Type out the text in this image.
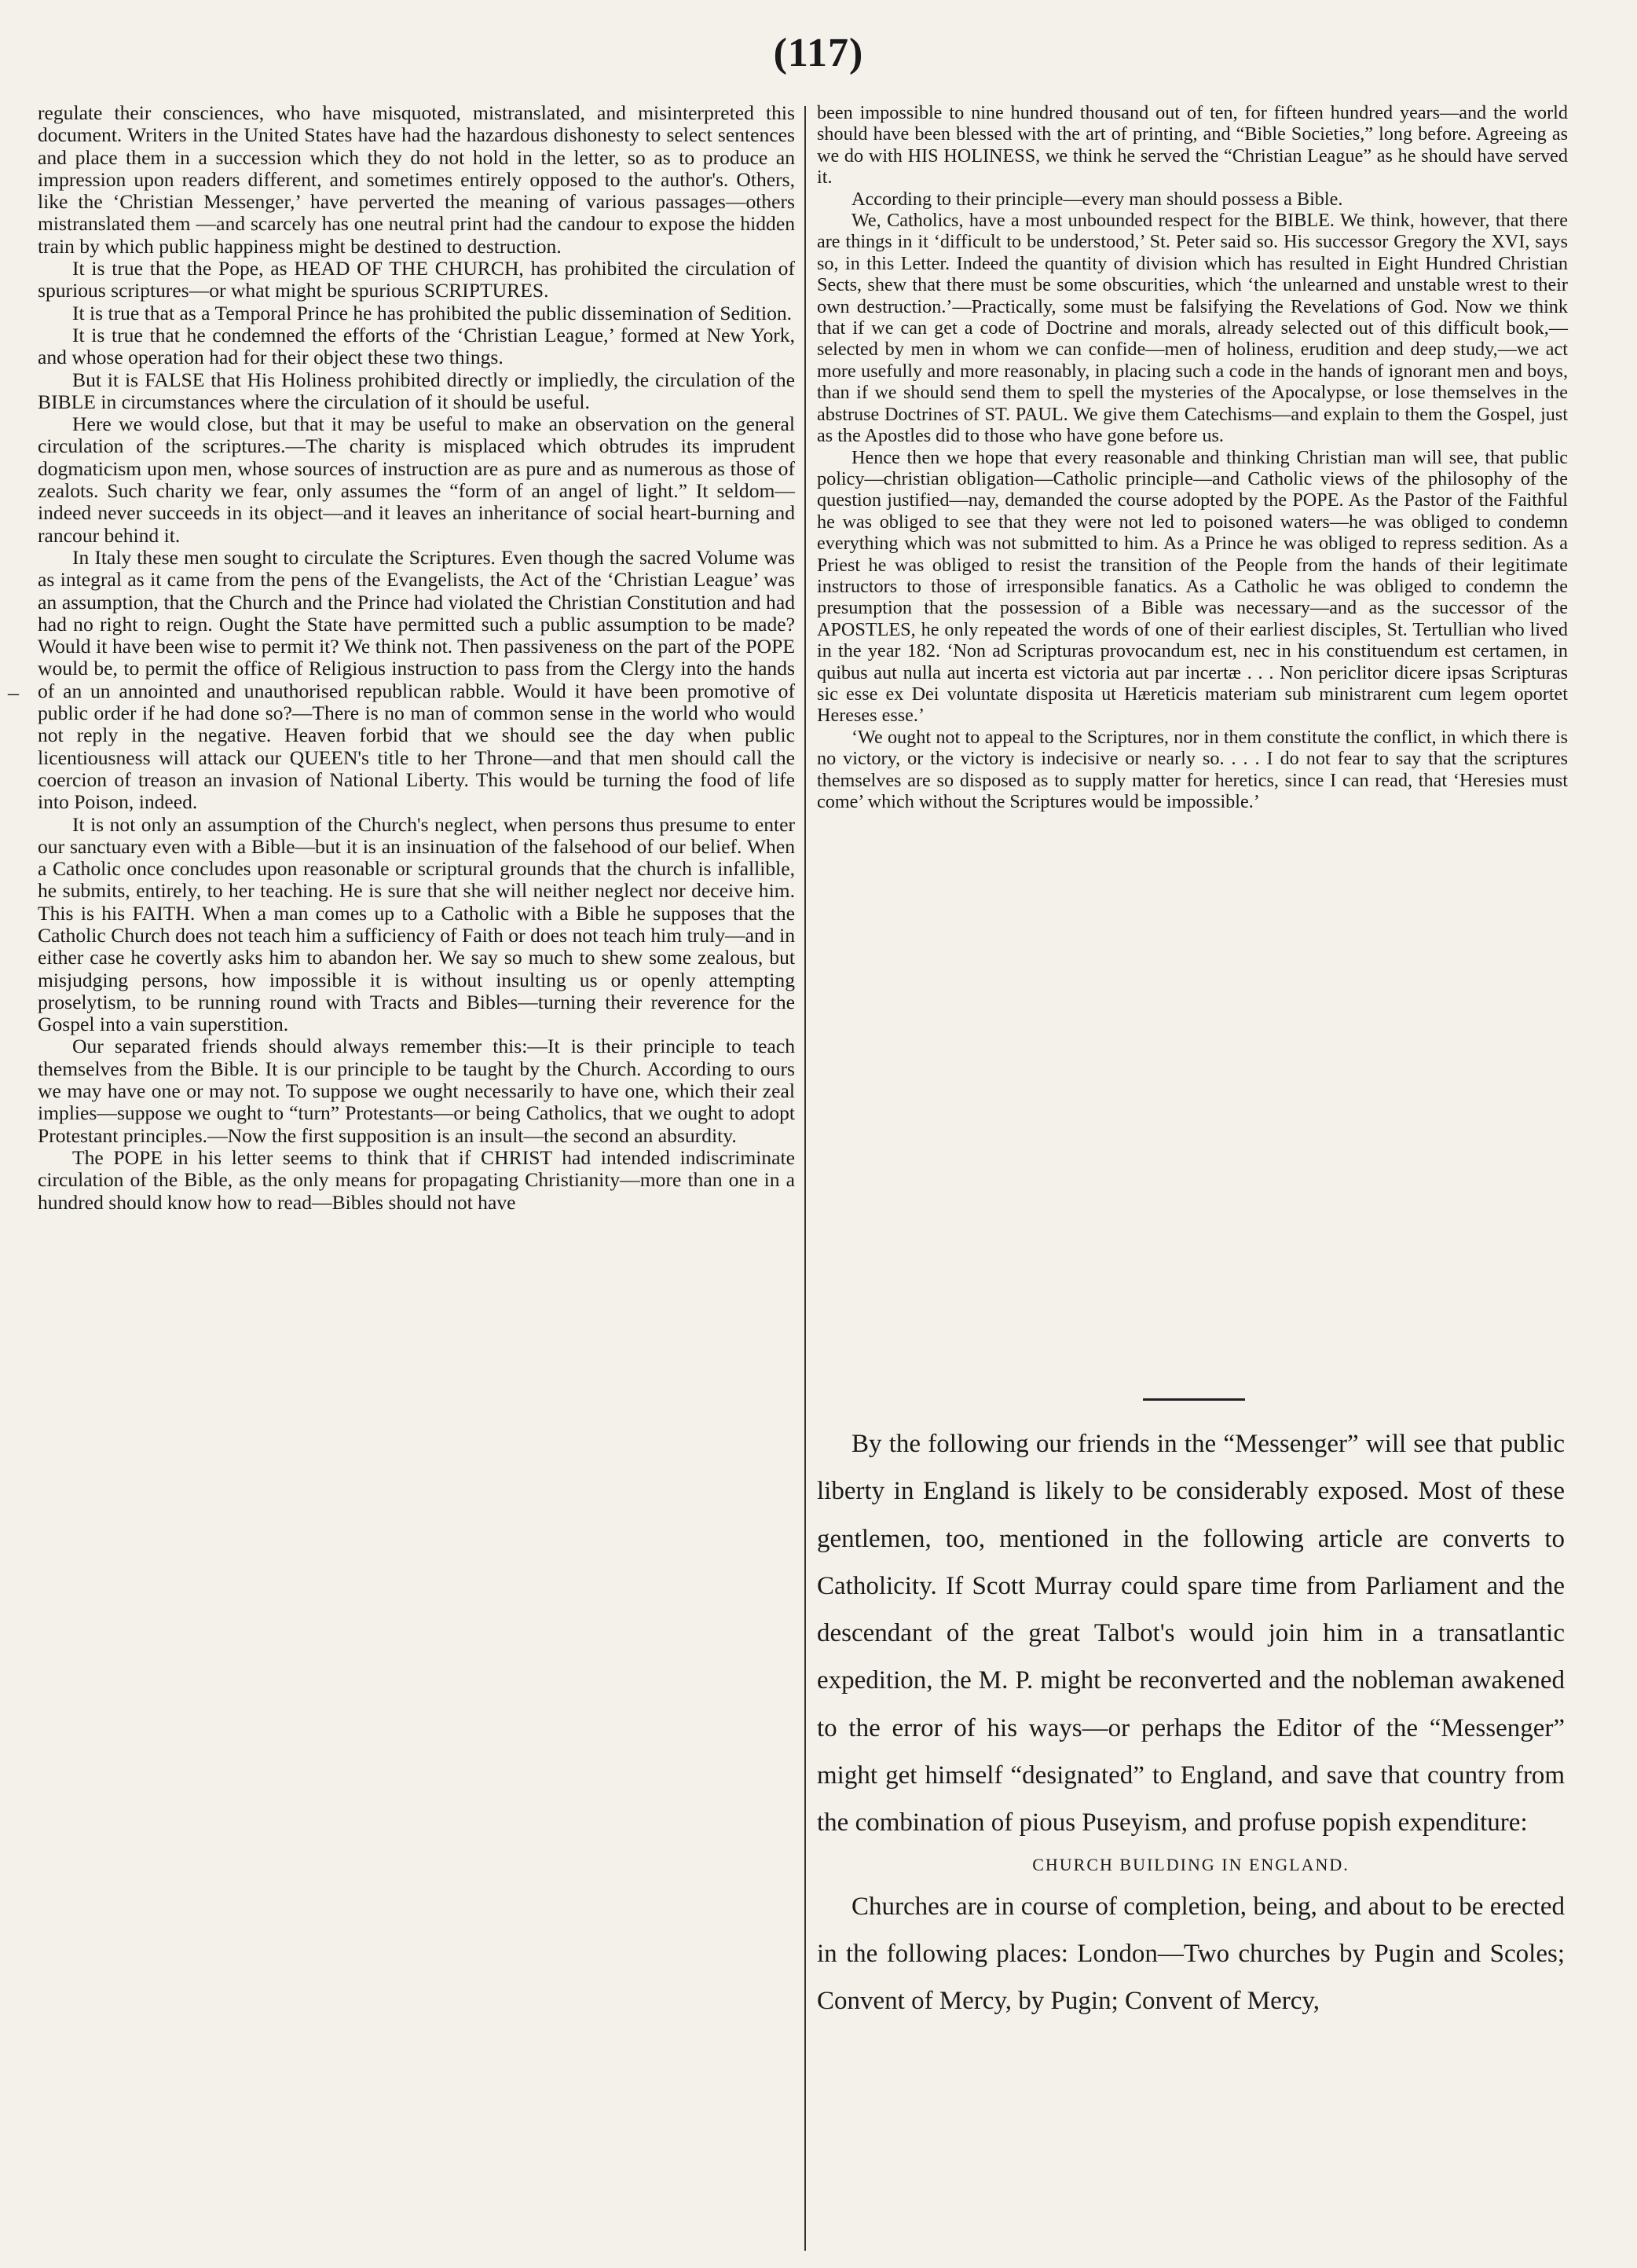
(117)
–

regulate their consciences, who have misquoted, mistranslated, and misinterpreted this document. Writers in the United States have had the hazardous dishonesty to select sentences and place them in a succession which they do not hold in the letter, so as to produce an impression upon readers different, and sometimes entirely opposed to the author's. Others, like the ‘Christian Messenger,’ have perverted the meaning of various passages—others mistranslated them —and scarcely has one neutral print had the candour to expose the hidden train by which public happiness might be destined to destruction.

It is true that the Pope, as HEAD OF THE CHURCH, has prohibited the circulation of spurious scriptures—or what might be spurious SCRIPTURES.

It is true that as a Temporal Prince he has prohibited the public dissemination of Sedition.

It is true that he condemned the efforts of the ‘Christian League,’ formed at New York, and whose operation had for their object these two things.

But it is FALSE that His Holiness prohibited directly or impliedly, the circulation of the BIBLE in circumstances where the circulation of it should be useful.

Here we would close, but that it may be useful to make an observation on the general circulation of the scriptures.—The charity is misplaced which obtrudes its imprudent dogmaticism upon men, whose sources of instruction are as pure and as numerous as those of zealots. Such charity we fear, only assumes the “form of an angel of light.” It seldom—indeed never succeeds in its object—and it leaves an inheritance of social heart-burning and rancour behind it.

In Italy these men sought to circulate the Scriptures. Even though the sacred Volume was as integral as it came from the pens of the Evangelists, the Act of the ‘Christian League’ was an assumption, that the Church and the Prince had violated the Christian Constitution and had had no right to reign. Ought the State have permitted such a public assumption to be made? Would it have been wise to permit it? We think not. Then passiveness on the part of the POPE would be, to permit the office of Religious instruction to pass from the Clergy into the hands of an un annointed and unauthorised republican rabble. Would it have been promotive of public order if he had done so?—There is no man of common sense in the world who would not reply in the negative. Heaven forbid that we should see the day when public licentiousness will attack our QUEEN's title to her Throne—and that men should call the coercion of treason an invasion of National Liberty. This would be turning the food of life into Poison, indeed.

It is not only an assumption of the Church's neglect, when persons thus presume to enter our sanctuary even with a Bible—but it is an insinuation of the falsehood of our belief. When a Catholic once concludes upon reasonable or scriptural grounds that the church is infallible, he submits, entirely, to her teaching. He is sure that she will neither neglect nor deceive him. This is his FAITH. When a man comes up to a Catholic with a Bible he supposes that the Catholic Church does not teach him a sufficiency of Faith or does not teach him truly—and in either case he covertly asks him to abandon her. We say so much to shew some zealous, but misjudging persons, how impossible it is without insulting us or openly attempting proselytism, to be running round with Tracts and Bibles—turning their reverence for the Gospel into a vain superstition.

Our separated friends should always remember this:—It is their principle to teach themselves from the Bible. It is our principle to be taught by the Church. According to ours we may have one or may not. To suppose we ought necessarily to have one, which their zeal implies—suppose we ought to “turn” Protestants—or being Catholics, that we ought to adopt Protestant principles.—Now the first supposition is an insult—the second an absurdity.

The POPE in his letter seems to think that if CHRIST had intended indiscriminate circulation of the Bible, as the only means for propagating Christianity—more than one in a hundred should know how to read—Bibles should not have

been impossible to nine hundred thousand out of ten, for fifteen hundred years—and the world should have been blessed with the art of printing, and “Bible Societies,” long before. Agreeing as we do with HIS HOLINESS, we think he served the “Christian League” as he should have served it.

According to their principle—every man should possess a Bible.

We, Catholics, have a most unbounded respect for the BIBLE. We think, however, that there are things in it ‘difficult to be understood,’ St. Peter said so. His successor Gregory the XVI, says so, in this Letter. Indeed the quantity of division which has resulted in Eight Hundred Christian Sects, shew that there must be some obscurities, which ‘the unlearned and unstable wrest to their own destruction.’—Practically, some must be falsifying the Revelations of God. Now we think that if we can get a code of Doctrine and morals, already selected out of this difficult book,—selected by men in whom we can confide—men of holiness, erudition and deep study,—we act more usefully and more reasonably, in placing such a code in the hands of ignorant men and boys, than if we should send them to spell the mysteries of the Apocalypse, or lose themselves in the abstruse Doctrines of ST. PAUL. We give them Catechisms—and explain to them the Gospel, just as the Apostles did to those who have gone before us.

Hence then we hope that every reasonable and thinking Christian man will see, that public policy—christian obligation—Catholic principle—and Catholic views of the philosophy of the question justified—nay, demanded the course adopted by the POPE. As the Pastor of the Faithful he was obliged to see that they were not led to poisoned waters—he was obliged to condemn everything which was not submitted to him. As a Prince he was obliged to repress sedition. As a Priest he was obliged to resist the transition of the People from the hands of their legitimate instructors to those of irresponsible fanatics. As a Catholic he was obliged to condemn the presumption that the possession of a Bible was necessary—and as the successor of the APOSTLES, he only repeated the words of one of their earliest disciples, St. Tertullian who lived in the year 182. ‘Non ad Scripturas provocandum est, nec in his constituendum est certamen, in quibus aut nulla aut incerta est victoria aut par incertæ . . . Non periclitor dicere ipsas Scripturas sic esse ex Dei voluntate disposita ut Hæreticis materiam sub ministrarent cum legem oportet Hereses esse.’

‘We ought not to appeal to the Scriptures, nor in them constitute the conflict, in which there is no victory, or the victory is indecisive or nearly so. . . . I do not fear to say that the scriptures themselves are so disposed as to supply matter for heretics, since I can read, that ‘Heresies must come’ which without the Scriptures would be impossible.’

By the following our friends in the “Messenger” will see that public liberty in England is likely to be considerably exposed. Most of these gentlemen, too, mentioned in the following article are converts to Catholicity. If Scott Murray could spare time from Parliament and the descendant of the great Talbot's would join him in a transatlantic expedition, the M. P. might be reconverted and the nobleman awakened to the error of his ways—or perhaps the Editor of the “Messenger” might get himself “designated” to England, and save that country from the combination of pious Puseyism, and profuse popish expenditure:

CHURCH BUILDING IN ENGLAND.

Churches are in course of completion, being, and about to be erected in the following places: London—Two churches by Pugin and Scoles; Convent of Mercy, by Pugin; Convent of Mercy,
